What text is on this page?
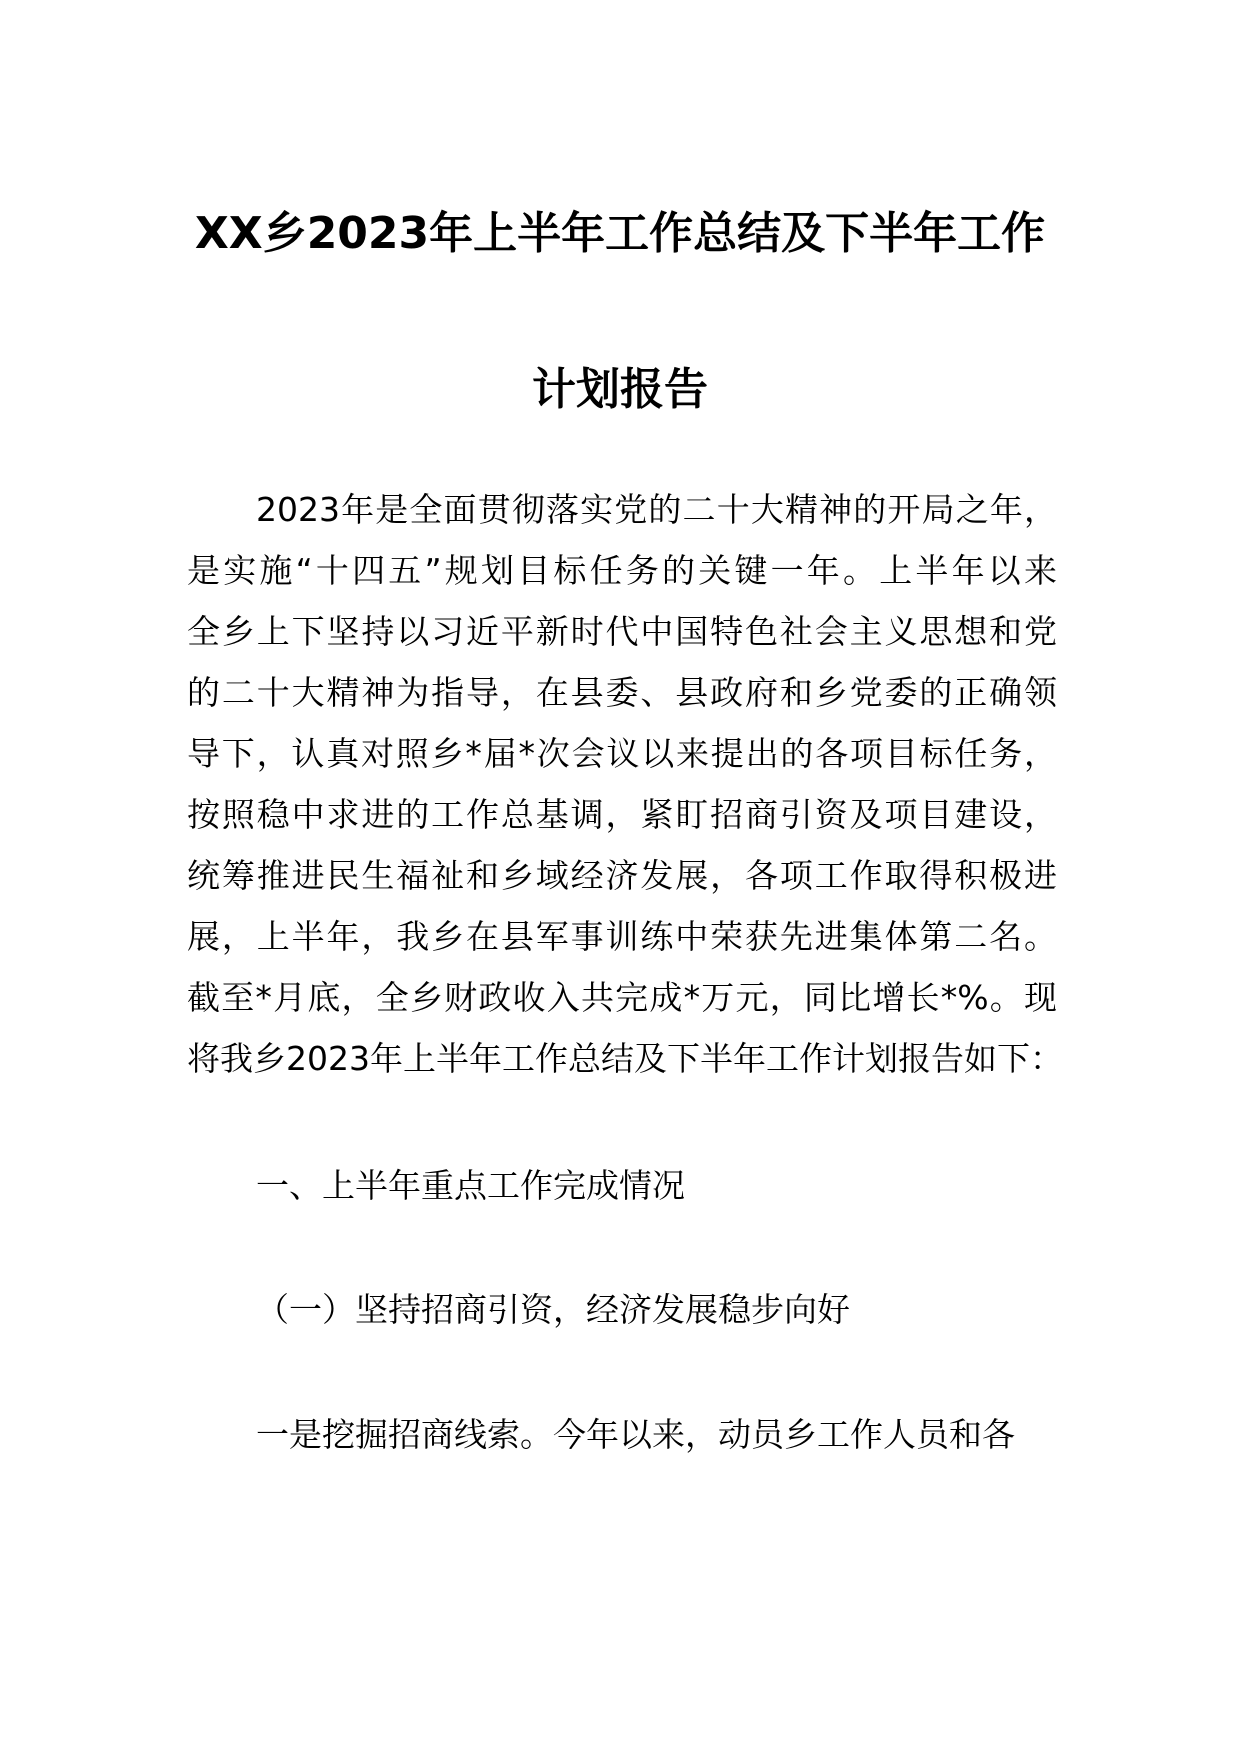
XX乡2023年上半年工作总结及下半年工作
计划报告
2023年是全面贯彻落实党的二十大精神的开局之年，
是实施“十四五”规划目标任务的关键一年。上半年以来
全乡上下坚持以习近平新时代中国特色社会主义思想和党
的二十大精神为指导，在县委、县政府和乡党委的正确领
导下，认真对照乡*届*次会议以来提出的各项目标任务，
按照稳中求进的工作总基调，紧盯招商引资及项目建设，
统筹推进民生福祉和乡域经济发展，各项工作取得积极进
展，上半年，我乡在县军事训练中荣获先进集体第二名。
截至*月底，全乡财政收入共完成*万元，同比增长*%。现
将我乡2023年上半年工作总结及下半年工作计划报告如下：
一、上半年重点工作完成情况
（一）坚持招商引资，经济发展稳步向好
一是挖掘招商线索。今年以来，动员乡工作人员和各
